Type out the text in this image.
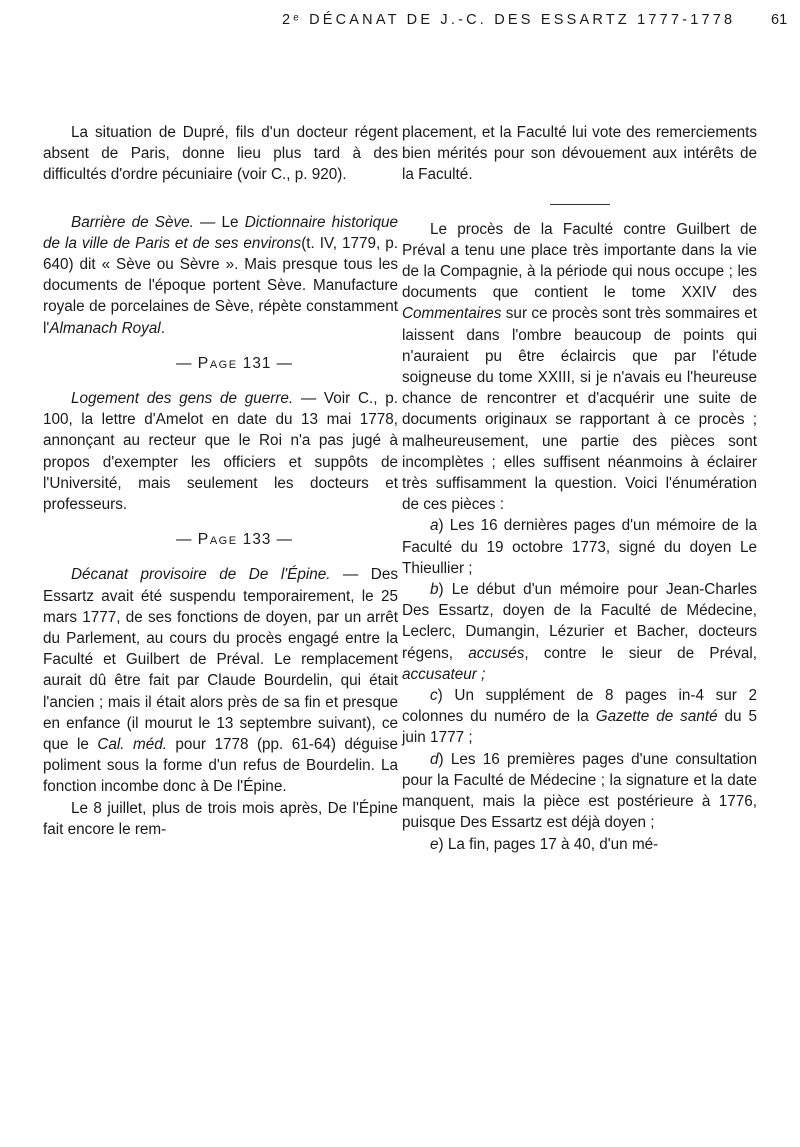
2ᵉ DÉCANAT DE J.-C. DES ESSARTZ 1777-1778 61

La situation de Dupré, fils d'un docteur régent absent de Paris, donne lieu plus tard à des difficultés d'ordre pécuniaire (voir C., p. 920).

Barrière de Sève. — Le Dictionnaire historique de la ville de Paris et de ses environs(t. IV, 1779, p. 640) dit « Sève ou Sèvre ». Mais presque tous les documents de l'époque portent Sève. Manufacture royale de porcelaines de Sève, répète constamment l'Almanach Royal.

— Page 131 —

Logement des gens de guerre. — Voir C., p. 100, la lettre d'Amelot en date du 13 mai 1778, annonçant au recteur que le Roi n'a pas jugé à propos d'exempter les officiers et suppôts de l'Université, mais seulement les docteurs et professeurs.

— Page 133 —

Décanat provisoire de De l'Épine. — Des Essartz avait été suspendu temporairement, le 25 mars 1777, de ses fonctions de doyen, par un arrêt du Parlement, au cours du procès engagé entre la Faculté et Guilbert de Préval. Le remplacement aurait dû être fait par Claude Bourdelin, qui était l'ancien ; mais il était alors près de sa fin et presque en enfance (il mourut le 13 septembre suivant), ce que le Cal. méd. pour 1778 (pp. 61-64) déguise poliment sous la forme d'un refus de Bourdelin. La fonction incombe donc à De l'Épine.

Le 8 juillet, plus de trois mois après, De l'Épine fait encore le rem-

placement, et la Faculté lui vote des remerciements bien mérités pour son dévouement aux intérêts de la Faculté.

Le procès de la Faculté contre Guilbert de Préval a tenu une place très importante dans la vie de la Compagnie, à la période qui nous occupe ; les documents que contient le tome XXIV des Commentaires sur ce procès sont très sommaires et laissent dans l'ombre beaucoup de points qui n'auraient pu être éclaircis que par l'étude soigneuse du tome XXIII, si je n'avais eu l'heureuse chance de rencontrer et d'acquérir une suite de documents originaux se rapportant à ce procès ; malheureusement, une partie des pièces sont incomplètes ; elles suffisent néanmoins à éclairer très suffisamment la question. Voici l'énumération de ces pièces :

a) Les 16 dernières pages d'un mémoire de la Faculté du 19 octobre 1773, signé du doyen Le Thieullier ;

b) Le début d'un mémoire pour Jean-Charles Des Essartz, doyen de la Faculté de Médecine, Leclerc, Dumangin, Lézurier et Bacher, docteurs régens, accusés, contre le sieur de Préval, accusateur ;

c) Un supplément de 8 pages in-4 sur 2 colonnes du numéro de la Gazette de santé du 5 juin 1777 ;

d) Les 16 premières pages d'une consultation pour la Faculté de Médecine ; la signature et la date manquent, mais la pièce est postérieure à 1776, puisque Des Essartz est déjà doyen ;

e) La fin, pages 17 à 40, d'un mé-
